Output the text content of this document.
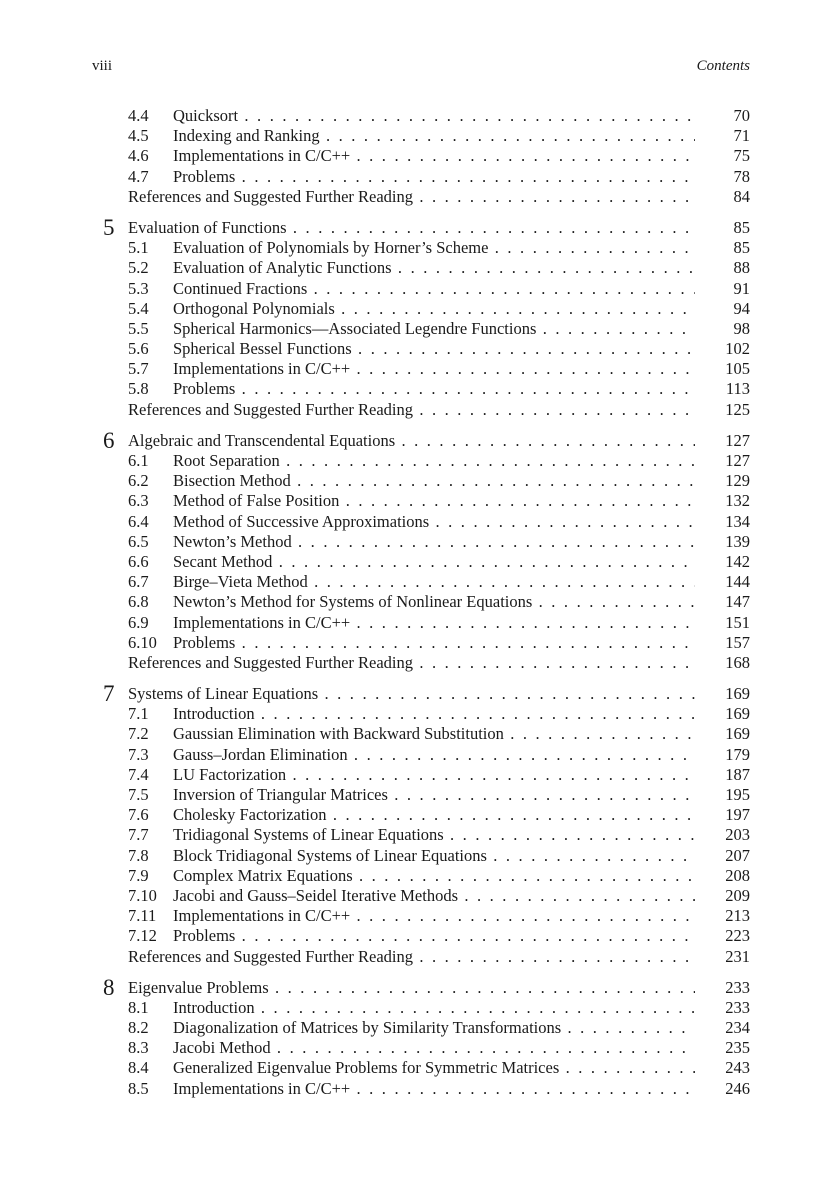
viii	Contents
4.4 Quicksort . . .	70
4.5 Indexing and Ranking . . .	71
4.6 Implementations in C/C++ . . .	75
4.7 Problems . . .	78
References and Suggested Further Reading . . .	84
5 Evaluation of Functions . . .	85
5.1 Evaluation of Polynomials by Horner’s Scheme . . .	85
5.2 Evaluation of Analytic Functions . . .	88
5.3 Continued Fractions . . .	91
5.4 Orthogonal Polynomials . . .	94
5.5 Spherical Harmonics—Associated Legendre Functions . . .	98
5.6 Spherical Bessel Functions . . .	102
5.7 Implementations in C/C++ . . .	105
5.8 Problems . . .	113
References and Suggested Further Reading . . .	125
6 Algebraic and Transcendental Equations . . .	127
6.1 Root Separation . . .	127
6.2 Bisection Method . . .	129
6.3 Method of False Position . . .	132
6.4 Method of Successive Approximations . . .	134
6.5 Newton’s Method . . .	139
6.6 Secant Method . . .	142
6.7 Birge–Vieta Method . . .	144
6.8 Newton’s Method for Systems of Nonlinear Equations . . .	147
6.9 Implementations in C/C++ . . .	151
6.10 Problems . . .	157
References and Suggested Further Reading . . .	168
7 Systems of Linear Equations . . .	169
7.1 Introduction . . .	169
7.2 Gaussian Elimination with Backward Substitution . . .	169
7.3 Gauss–Jordan Elimination . . .	179
7.4 LU Factorization . . .	187
7.5 Inversion of Triangular Matrices . . .	195
7.6 Cholesky Factorization . . .	197
7.7 Tridiagonal Systems of Linear Equations . . .	203
7.8 Block Tridiagonal Systems of Linear Equations . . .	207
7.9 Complex Matrix Equations . . .	208
7.10 Jacobi and Gauss–Seidel Iterative Methods . . .	209
7.11 Implementations in C/C++ . . .	213
7.12 Problems . . .	223
References and Suggested Further Reading . . .	231
8 Eigenvalue Problems . . .	233
8.1 Introduction . . .	233
8.2 Diagonalization of Matrices by Similarity Transformations . . .	234
8.3 Jacobi Method . . .	235
8.4 Generalized Eigenvalue Problems for Symmetric Matrices . . .	243
8.5 Implementations in C/C++ . . .	246
